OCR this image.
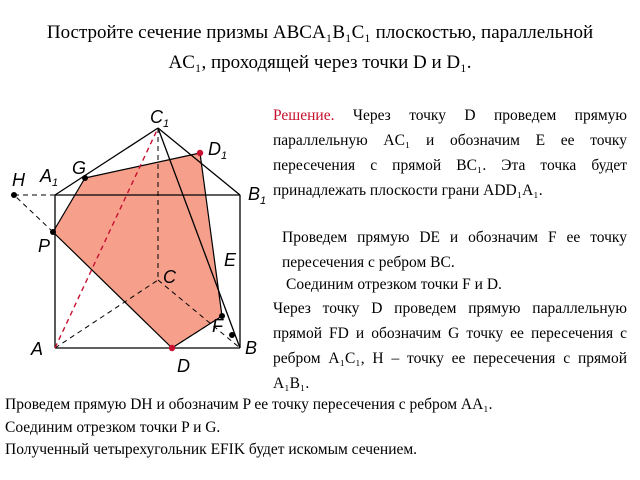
Постройте сечение призмы ABCA₁B₁C₁ плоскостью, параллельной
AC₁, проходящей через точки D и D₁.
$C_1$
$D_1$
G
H $A_1$
$B_1$
P
E
C
F
A	B
D
Решение. Через точку D проведем прямую параллельную AC₁ и обозначим E ее точку пересечения с прямой BC₁. Эта точка будет принадлежать плоскости грани ADD₁A₁.
Проведем прямую DE и обозначим F ее точку пересечения с ребром BC.
Соединим отрезком точки F и D.
Через точку D проведем прямую параллельную прямой FD и обозначим G точку ее пересечения с ребром A₁C₁, H – точку ее пересечения с прямой A₁B₁.
Проведем прямую DH и обозначим P ее точку пересечения с ребром AA₁.
Соединим отрезком точки P и G.
Полученный четырехугольник EFIK будет искомым сечением.
